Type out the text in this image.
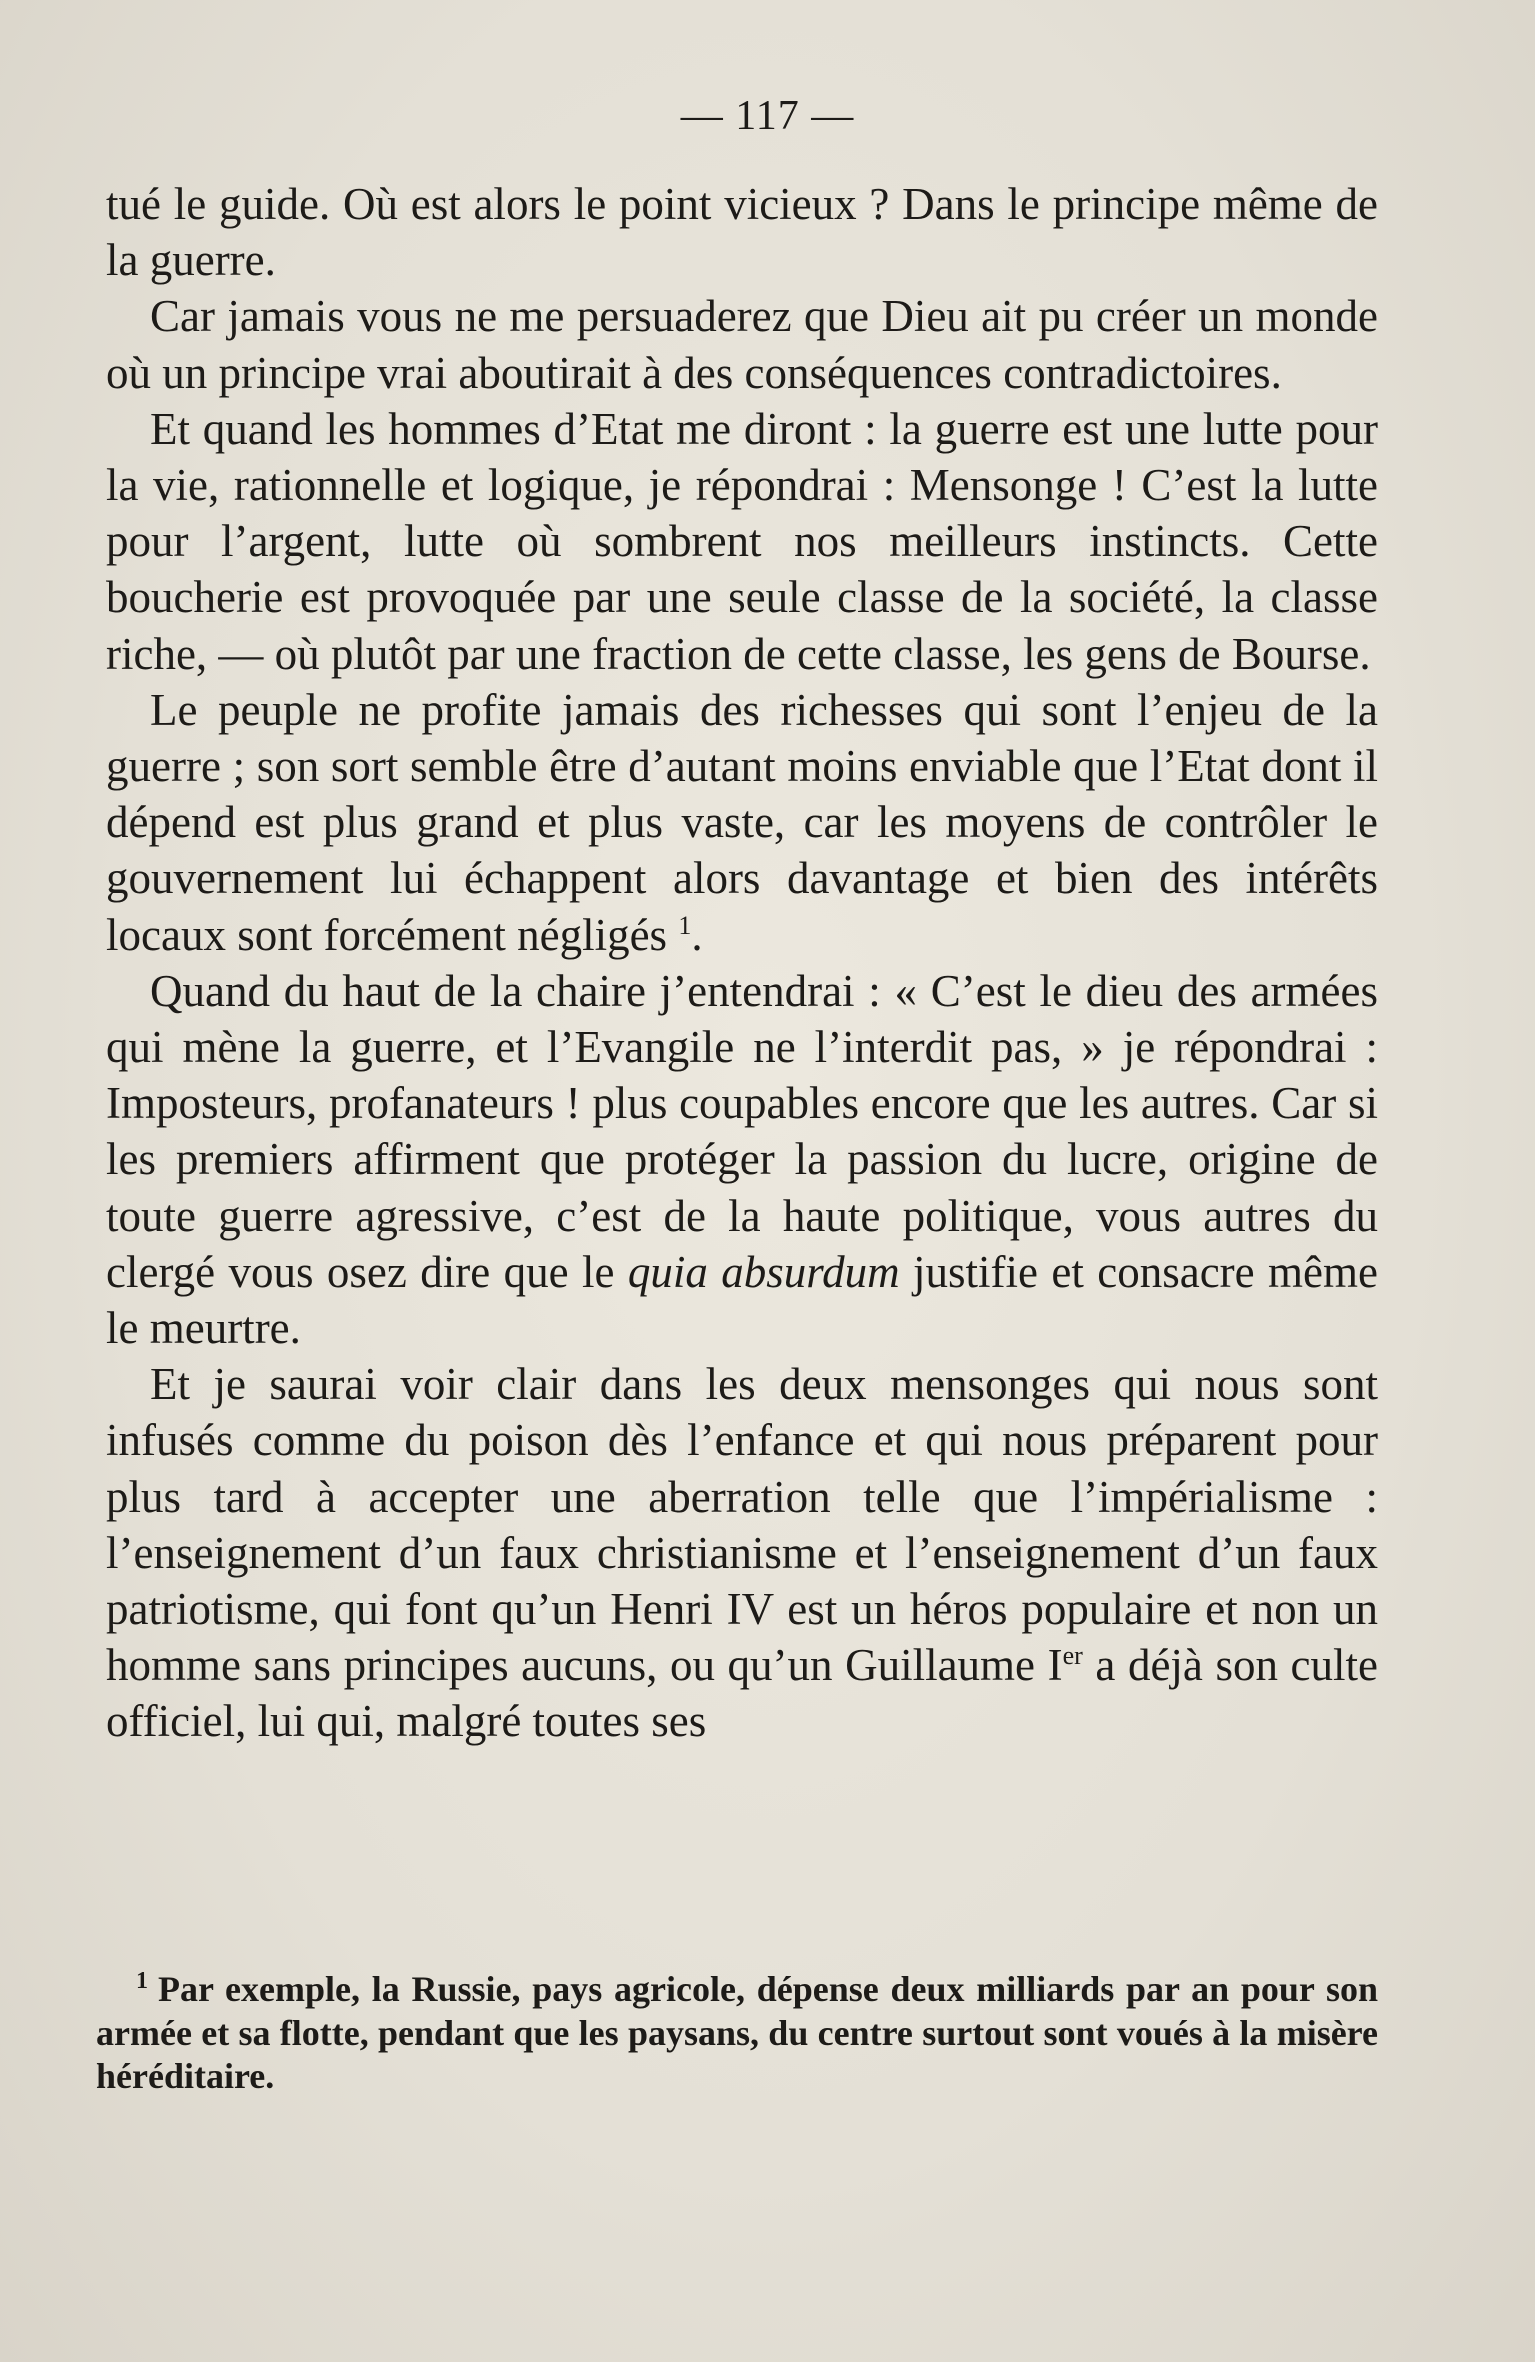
— 117 —

tué le guide. Où est alors le point vicieux ? Dans le principe même de la guerre.

Car jamais vous ne me persuaderez que Dieu ait pu créer un monde où un principe vrai aboutirait à des conséquences contradictoires.

Et quand les hommes d’Etat me diront : la guerre est une lutte pour la vie, rationnelle et logique, je répondrai : Mensonge ! C’est la lutte pour l’argent, lutte où sombrent nos meilleurs instincts. Cette boucherie est provoquée par une seule classe de la société, la classe riche, — où plutôt par une fraction de cette classe, les gens de Bourse.

Le peuple ne profite jamais des richesses qui sont l’enjeu de la guerre ; son sort semble être d’autant moins enviable que l’Etat dont il dépend est plus grand et plus vaste, car les moyens de contrôler le gouvernement lui échappent alors davantage et bien des intérêts locaux sont forcément négligés $^1$.

Quand du haut de la chaire j’entendrai : « C’est le dieu des armées qui mène la guerre, et l’Evangile ne l’interdit pas, » je répondrai : Imposteurs, profanateurs ! plus coupables encore que les autres. Car si les premiers affirment que protéger la passion du lucre, origine de toute guerre agressive, c’est de la haute politique, vous autres du clergé vous osez dire que le quia absurdum justifie et consacre même le meurtre.

Et je saurai voir clair dans les deux mensonges qui nous sont infusés comme du poison dès l’enfance et qui nous préparent pour plus tard à accepter une aberration telle que l’impérialisme : l’enseignement d’un faux christianisme et l’enseignement d’un faux patriotisme, qui font qu’un Henri IV est un héros populaire et non un homme sans principes aucuns, ou qu’un Guillaume Ier a déjà son culte officiel, lui qui, malgré toutes ses

$^1$ Par exemple, la Russie, pays agricole, dépense deux milliards par an pour son armée et sa flotte, pendant que les paysans, du centre surtout sont voués à la misère héréditaire.
